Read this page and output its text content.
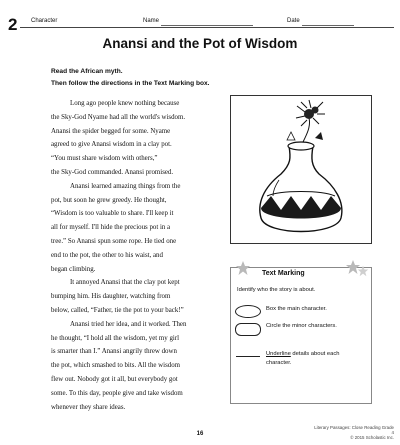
2 Character	Name	Date
Anansi and the Pot of Wisdom
Read the African myth.
Then follow the directions in the Text Marking box.
Long ago people knew nothing because
the Sky-God Nyame had all the world's wisdom.
Anansi the spider begged for some. Nyame
agreed to give Anansi wisdom in a clay pot.
“You must share wisdom with others,”
the Sky-God commanded. Anansi promised.
Anansi learned amazing things from the
pot, but soon he grew greedy. He thought,
“Wisdom is too valuable to share. I'll keep it
all for myself. I'll hide the precious pot in a
tree.” So Anansi spun some rope. He tied one
end to the pot, the other to his waist, and
began climbing.
It annoyed Anansi that the clay pot kept
bumping him. His daughter, watching from
below, called, “Father, tie the pot to your back!”
Anansi tried her idea, and it worked. Then
he thought, “I hold all the wisdom, yet my girl
is smarter than I.” Anansi angrily threw down
Text Marking
Identify who the story is about.
Box the main character.
Circle the minor characters.
Underline details about each character.
16
Literary Passages: Close Reading Grade 4
© 2015 Scholastic Inc.
the pot, which smashed to bits. All the wisdom
flew out. Nobody got it all, but everybody got
some. To this day, people give and take wisdom
whenever they share ideas.
